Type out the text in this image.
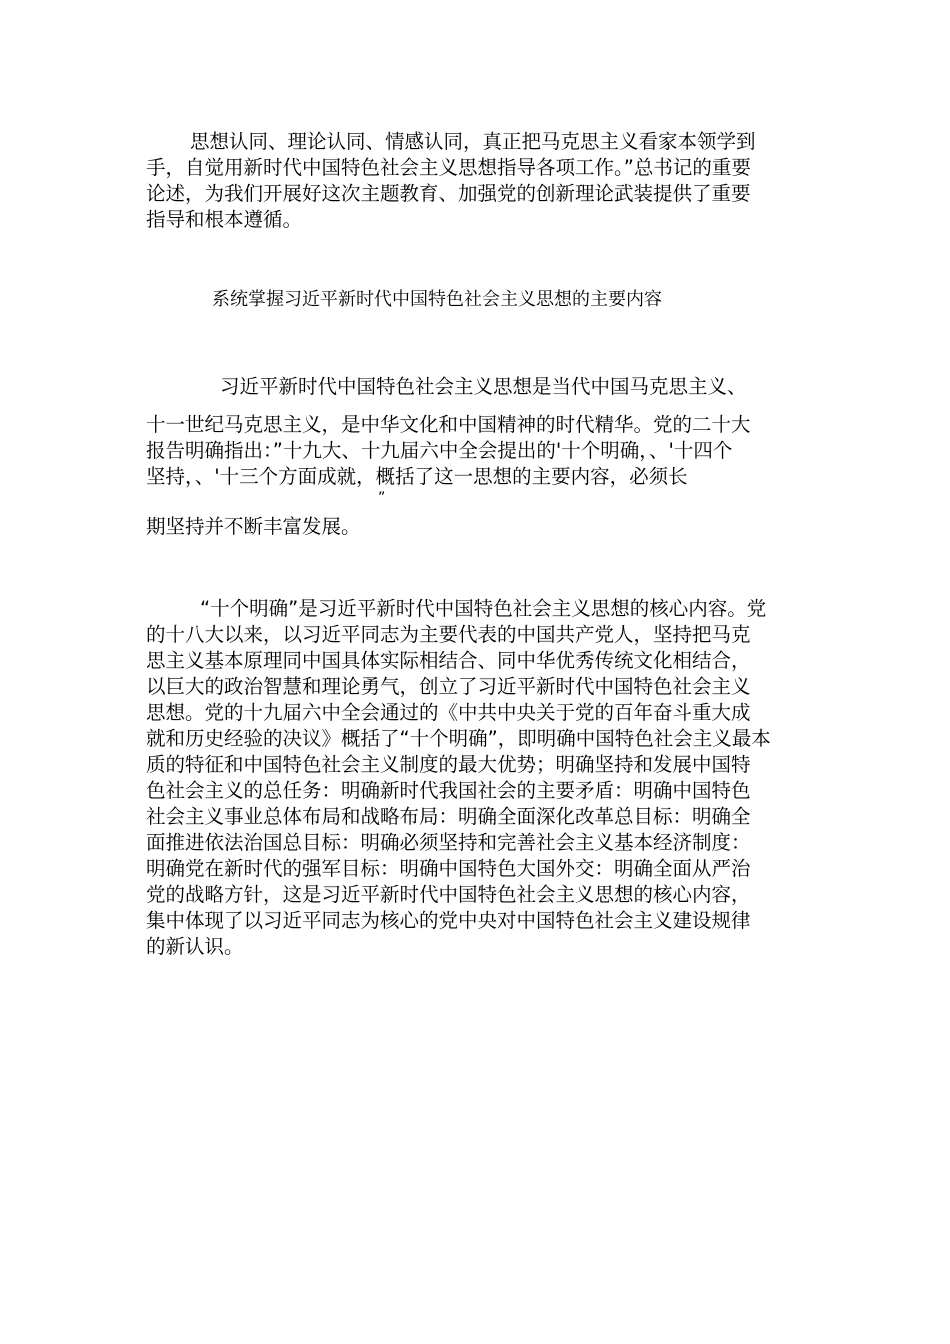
思想认同、理论认同、情感认同，真正把马克思主义看家本领学到
手，自觉用新时代中国特色社会主义思想指导各项工作。”总书记的重要
论述，为我们开展好这次主题教育、加强党的创新理论武装提供了重要
指导和根本遵循。
系统掌握习近平新时代中国特色社会主义思想的主要内容
习近平新时代中国特色社会主义思想是当代中国马克思主义、
十一世纪马克思主义，是中华文化和中国精神的时代精华。党的二十大
报告明确指出：”十九大、十九届六中全会提出的'十个明确，、'十四个
坚持，、'十三个方面成就，概括了这一思想的主要内容，必须长
”
期坚持并不断丰富发展。
“十个明确”是习近平新时代中国特色社会主义思想的核心内容。党
的十八大以来，以习近平同志为主要代表的中国共产党人，坚持把马克
思主义基本原理同中国具体实际相结合、同中华优秀传统文化相结合，
以巨大的政治智慧和理论勇气，创立了习近平新时代中国特色社会主义
思想。党的十九届六中全会通过的《中共中央关于党的百年奋斗重大成
就和历史经验的决议》概括了“十个明确”，即明确中国特色社会主义最本
质的特征和中国特色社会主义制度的最大优势；明确坚持和发展中国特
色社会主义的总任务：明确新时代我国社会的主要矛盾：明确中国特色
社会主义事业总体布局和战略布局：明确全面深化改革总目标：明确全
面推进依法治国总目标：明确必须坚持和完善社会主义基本经济制度：
明确党在新时代的强军目标：明确中国特色大国外交：明确全面从严治
党的战略方针，这是习近平新时代中国特色社会主义思想的核心内容，
集中体现了以习近平同志为核心的党中央对中国特色社会主义建设规律
的新认识。
